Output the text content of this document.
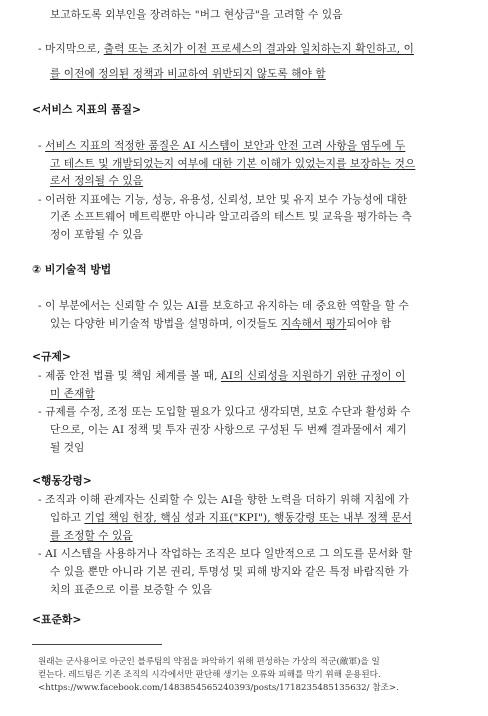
보고하도록 외부인을 장려하는 "버그 현상금"을 고려할 수 있음
- 마지막으로, 출력 또는 조치가 이전 프로세스의 결과와 일치하는지 확인하고, 이
를 이전에 정의된 정책과 비교하여 위반되지 않도록 해야 함
- 서비스 지표의 적정한 품질은 AI 시스템이 보안과 안전 고려 사항을 염두에 두
고 테스트 및 개발되었는지 여부에 대한 기본 이해가 있었는지를 보장하는 것으
로서 정의될 수 있음
- 이러한 지표에는 기능, 성능, 유용성, 신뢰성, 보안 및 유지 보수 가능성에 대한
기존 소프트웨어 메트릭뿐만 아니라 알고리즘의 테스트 및 교육을 평가하는 측
정이 포함될 수 있음
- 이 부분에서는 신뢰할 수 있는 AI를 보호하고 유지하는 데 중요한 역할을 할 수
있는 다양한 비기술적 방법을 설명하며, 이것들도 지속해서 평가되어야 함
- 제품 안전 법률 및 책임 체계를 볼 때, AI의 신뢰성을 지원하기 위한 규정이 이
미 존재함
- 규제를 수정, 조정 또는 도입할 필요가 있다고 생각되면, 보호 수단과 활성화 수
단으로, 이는 AI 정책 및 투자 권장 사항으로 구성된 두 번째 결과물에서 제기
될 것임
- 조직과 이해 관계자는 신뢰할 수 있는 AI을 향한 노력을 더하기 위해 지침에 가
입하고 기업 책임 헌장, 핵심 성과 지표("KPI"), 행동강령 또는 내부 정책 문서
를 조정할 수 있음
- AI 시스템을 사용하거나 작업하는 조직은 보다 일반적으로 그 의도를 문서화 할
수 있을 뿐만 아니라 기본 권리, 투명성 및 피해 방지와 같은 특정 바람직한 가
치의 표준으로 이를 보증할 수 있음
<서비스 지표의 품질>
② 비기술적 방법
<규제>
<행동강령>
<표준화>
원래는 군사용어로 아군인 블루팀의 약점을 파악하기 위해 편성하는 가상의 적군(敵軍)을 일
컫는다. 레드팀은 기존 조직의 시각에서만 판단해 생기는 오류와 피해를 막기 위해 운용된다.
<https://www.facebook.com/148385456524039З/posts/1718235485135632/ 참조>.
